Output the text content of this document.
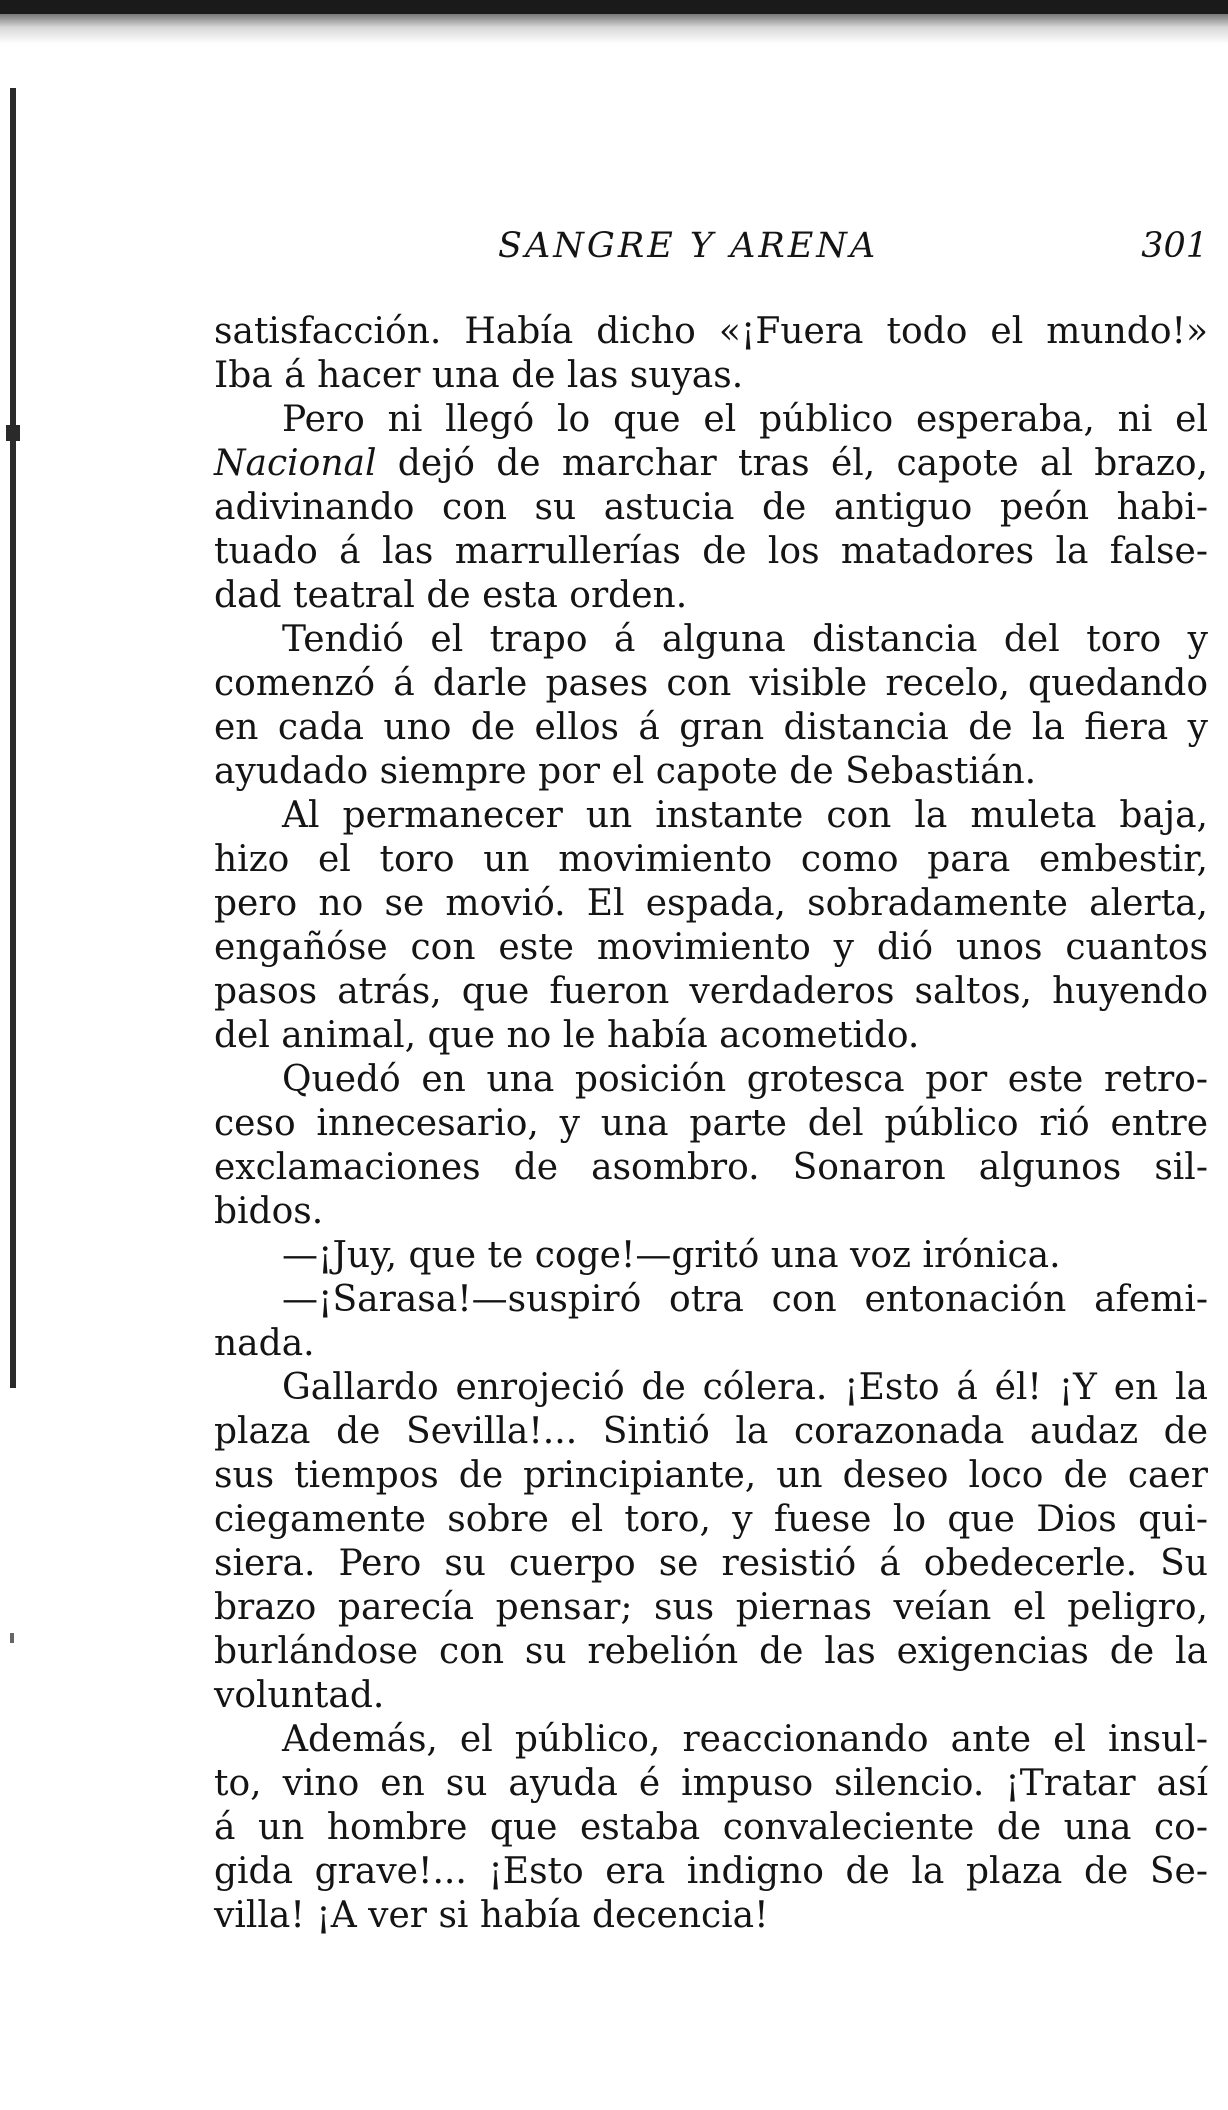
SANGRE Y ARENA	301
satisfacción. Había dicho «¡Fuera todo el mundo!»
Iba á hacer una de las suyas.
Pero ni llegó lo que el público esperaba, ni el
Nacional dejó de marchar tras él, capote al brazo,
adivinando con su astucia de antiguo peón habi-
tuado á las marrullerías de los matadores la false-
dad teatral de esta orden.
Tendió el trapo á alguna distancia del toro y
comenzó á darle pases con visible recelo, quedando
en cada uno de ellos á gran distancia de la fiera y
ayudado siempre por el capote de Sebastián.
Al permanecer un instante con la muleta baja,
hizo el toro un movimiento como para embestir,
pero no se movió. El espada, sobradamente alerta,
engañóse con este movimiento y dió unos cuantos
pasos atrás, que fueron verdaderos saltos, huyendo
del animal, que no le había acometido.
Quedó en una posición grotesca por este retro-
ceso innecesario, y una parte del público rió entre
exclamaciones de asombro. Sonaron algunos sil-
bidos.
—¡Juy, que te coge!—gritó una voz irónica.
—¡Sarasa!—suspiró otra con entonación afemi-
nada.
Gallardo enrojeció de cólera. ¡Esto á él! ¡Y en la
plaza de Sevilla!... Sintió la corazonada audaz de
sus tiempos de principiante, un deseo loco de caer
ciegamente sobre el toro, y fuese lo que Dios qui-
siera. Pero su cuerpo se resistió á obedecerle. Su
brazo parecía pensar; sus piernas veían el peligro,
burlándose con su rebelión de las exigencias de la
voluntad.
Además, el público, reaccionando ante el insul-
to, vino en su ayuda é impuso silencio. ¡Tratar así
á un hombre que estaba convaleciente de una co-
gida grave!... ¡Esto era indigno de la plaza de Se-
villa! ¡A ver si había decencia!
